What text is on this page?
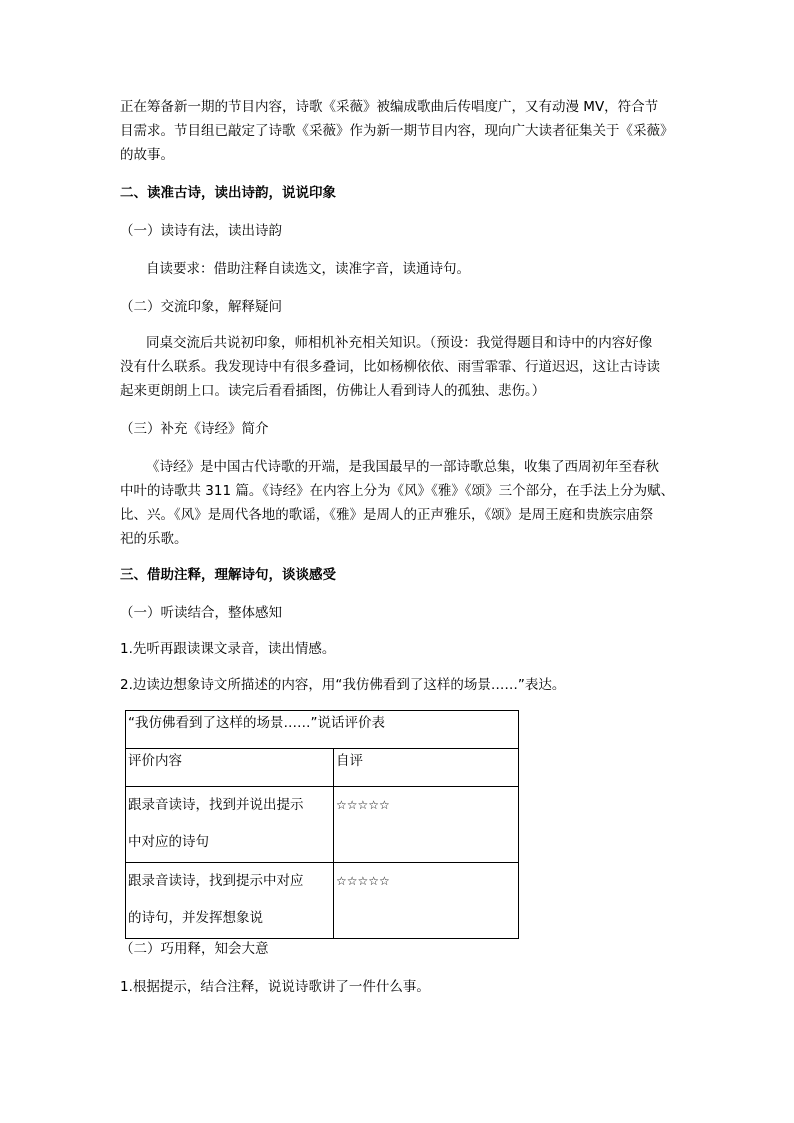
正在筹备新一期的节目内容，诗歌《采薇》被编成歌曲后传唱度广，又有动漫 MV，符合节

目需求。节目组已敲定了诗歌《采薇》作为新一期节目内容，现向广大读者征集关于《采薇》

的故事。

二、读准古诗，读出诗韵，说说印象

（一）读诗有法，读出诗韵

自读要求：借助注释自读选文，读准字音，读通诗句。

（二）交流印象，解释疑问

同桌交流后共说初印象，师相机补充相关知识。（预设：我觉得题目和诗中的内容好像

没有什么联系。我发现诗中有很多叠词，比如杨柳依依、雨雪霏霏、行道迟迟，这让古诗读

起来更朗朗上口。读完后看看插图，仿佛让人看到诗人的孤独、悲伤。）

（三）补充《诗经》简介

《诗经》是中国古代诗歌的开端，是我国最早的一部诗歌总集，收集了西周初年至春秋

中叶的诗歌共 311 篇。《诗经》在内容上分为《风》《雅》《颂》三个部分，在手法上分为赋、

比、兴。《风》是周代各地的歌谣，《雅》是周人的正声雅乐，《颂》是周王庭和贵族宗庙祭

祀的乐歌。

三、借助注释，理解诗句，谈谈感受

（一）听读结合，整体感知

1.先听再跟读课文录音，读出情感。

2.边读边想象诗文所描述的内容，用“我仿佛看到了这样的场景……”表达。

“我仿佛看到了这样的场景……”说话评价表	
评价内容	自评

跟录音读诗，找到并说出提示
中对应的诗句	☆☆☆☆☆

跟录音读诗，找到提示中对应
的诗句，并发挥想象说	☆☆☆☆☆

（二）巧用释，知会大意

1.根据提示，结合注释，说说诗歌讲了一件什么事。
